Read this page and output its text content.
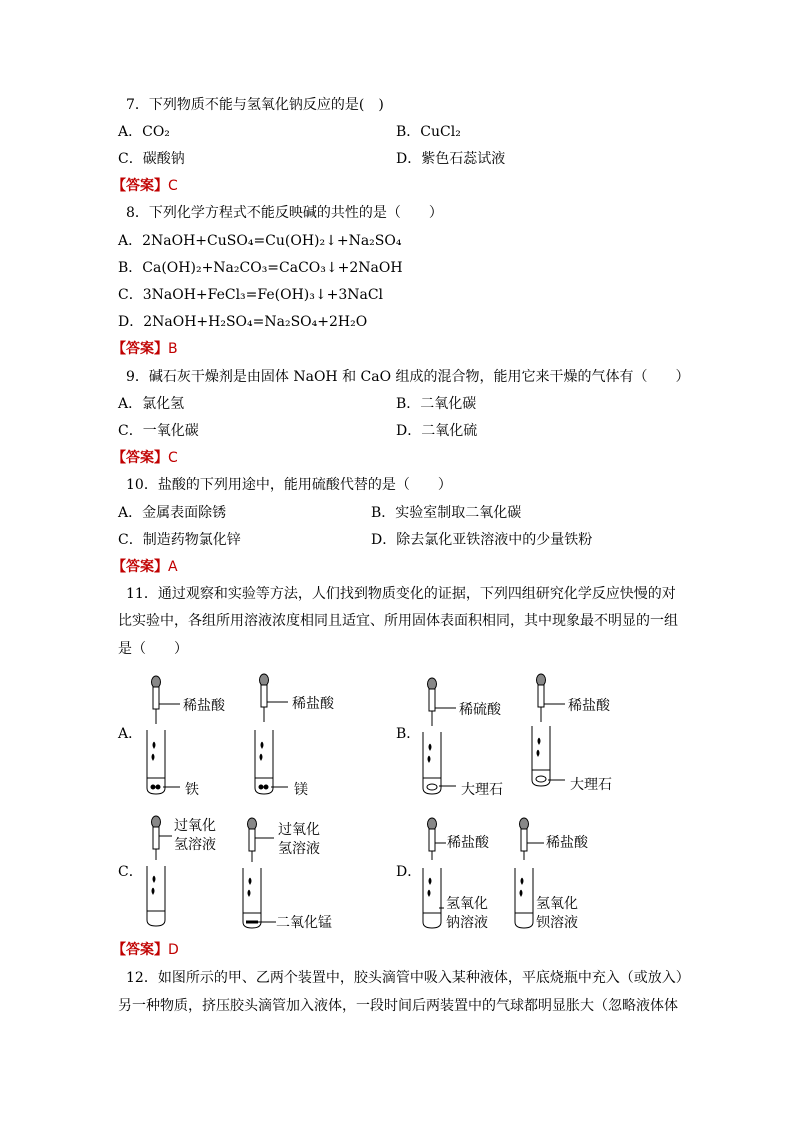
7．下列物质不能与氢氧化钠反应的是(　)
A．CO₂	B．CuCl₂
C．碳酸钠	D．紫色石蕊试液
【答案】C
8．下列化学方程式不能反映碱的共性的是（　　）
A．2NaOH+CuSO₄=Cu(OH)₂↓+Na₂SO₄
B．Ca(OH)₂+Na₂CO₃=CaCO₃↓+2NaOH
C．3NaOH+FeCl₃=Fe(OH)₃↓+3NaCl
D．2NaOH+H₂SO₄=Na₂SO₄+2H₂O
【答案】B
9．碱石灰干燥剂是由固体 NaOH 和 CaO 组成的混合物，能用它来干燥的气体有（　　）
A．氯化氢	B．二氧化碳
C．一氧化碳	D．二氧化硫
【答案】C
10．盐酸的下列用途中，能用硫酸代替的是（　　）
A．金属表面除锈	B．实验室制取二氧化碳
C．制造药物氯化锌	D．除去氯化亚铁溶液中的少量铁粉
【答案】A
11．通过观察和实验等方法，人们找到物质变化的证据，下列四组研究化学反应快慢的对
比实验中，各组所用溶液浓度相同且适宜、所用固体表面积相同，其中现象最不明显的一组
是（　　）
A．
稀盐酸
铁
稀盐酸
镁
B．
稀硫酸
大理石
稀盐酸
大理石
C．
过氧化
氢溶液
过氧化
氢溶液
二氧化锰
D．
稀盐酸
氢氧化
钠溶液
稀盐酸
氢氧化
钡溶液
【答案】D
12．如图所示的甲、乙两个装置中，胶头滴管中吸入某种液体，平底烧瓶中充入（或放入）
另一种物质，挤压胶头滴管加入液体，一段时间后两装置中的气球都明显胀大（忽略液体体
